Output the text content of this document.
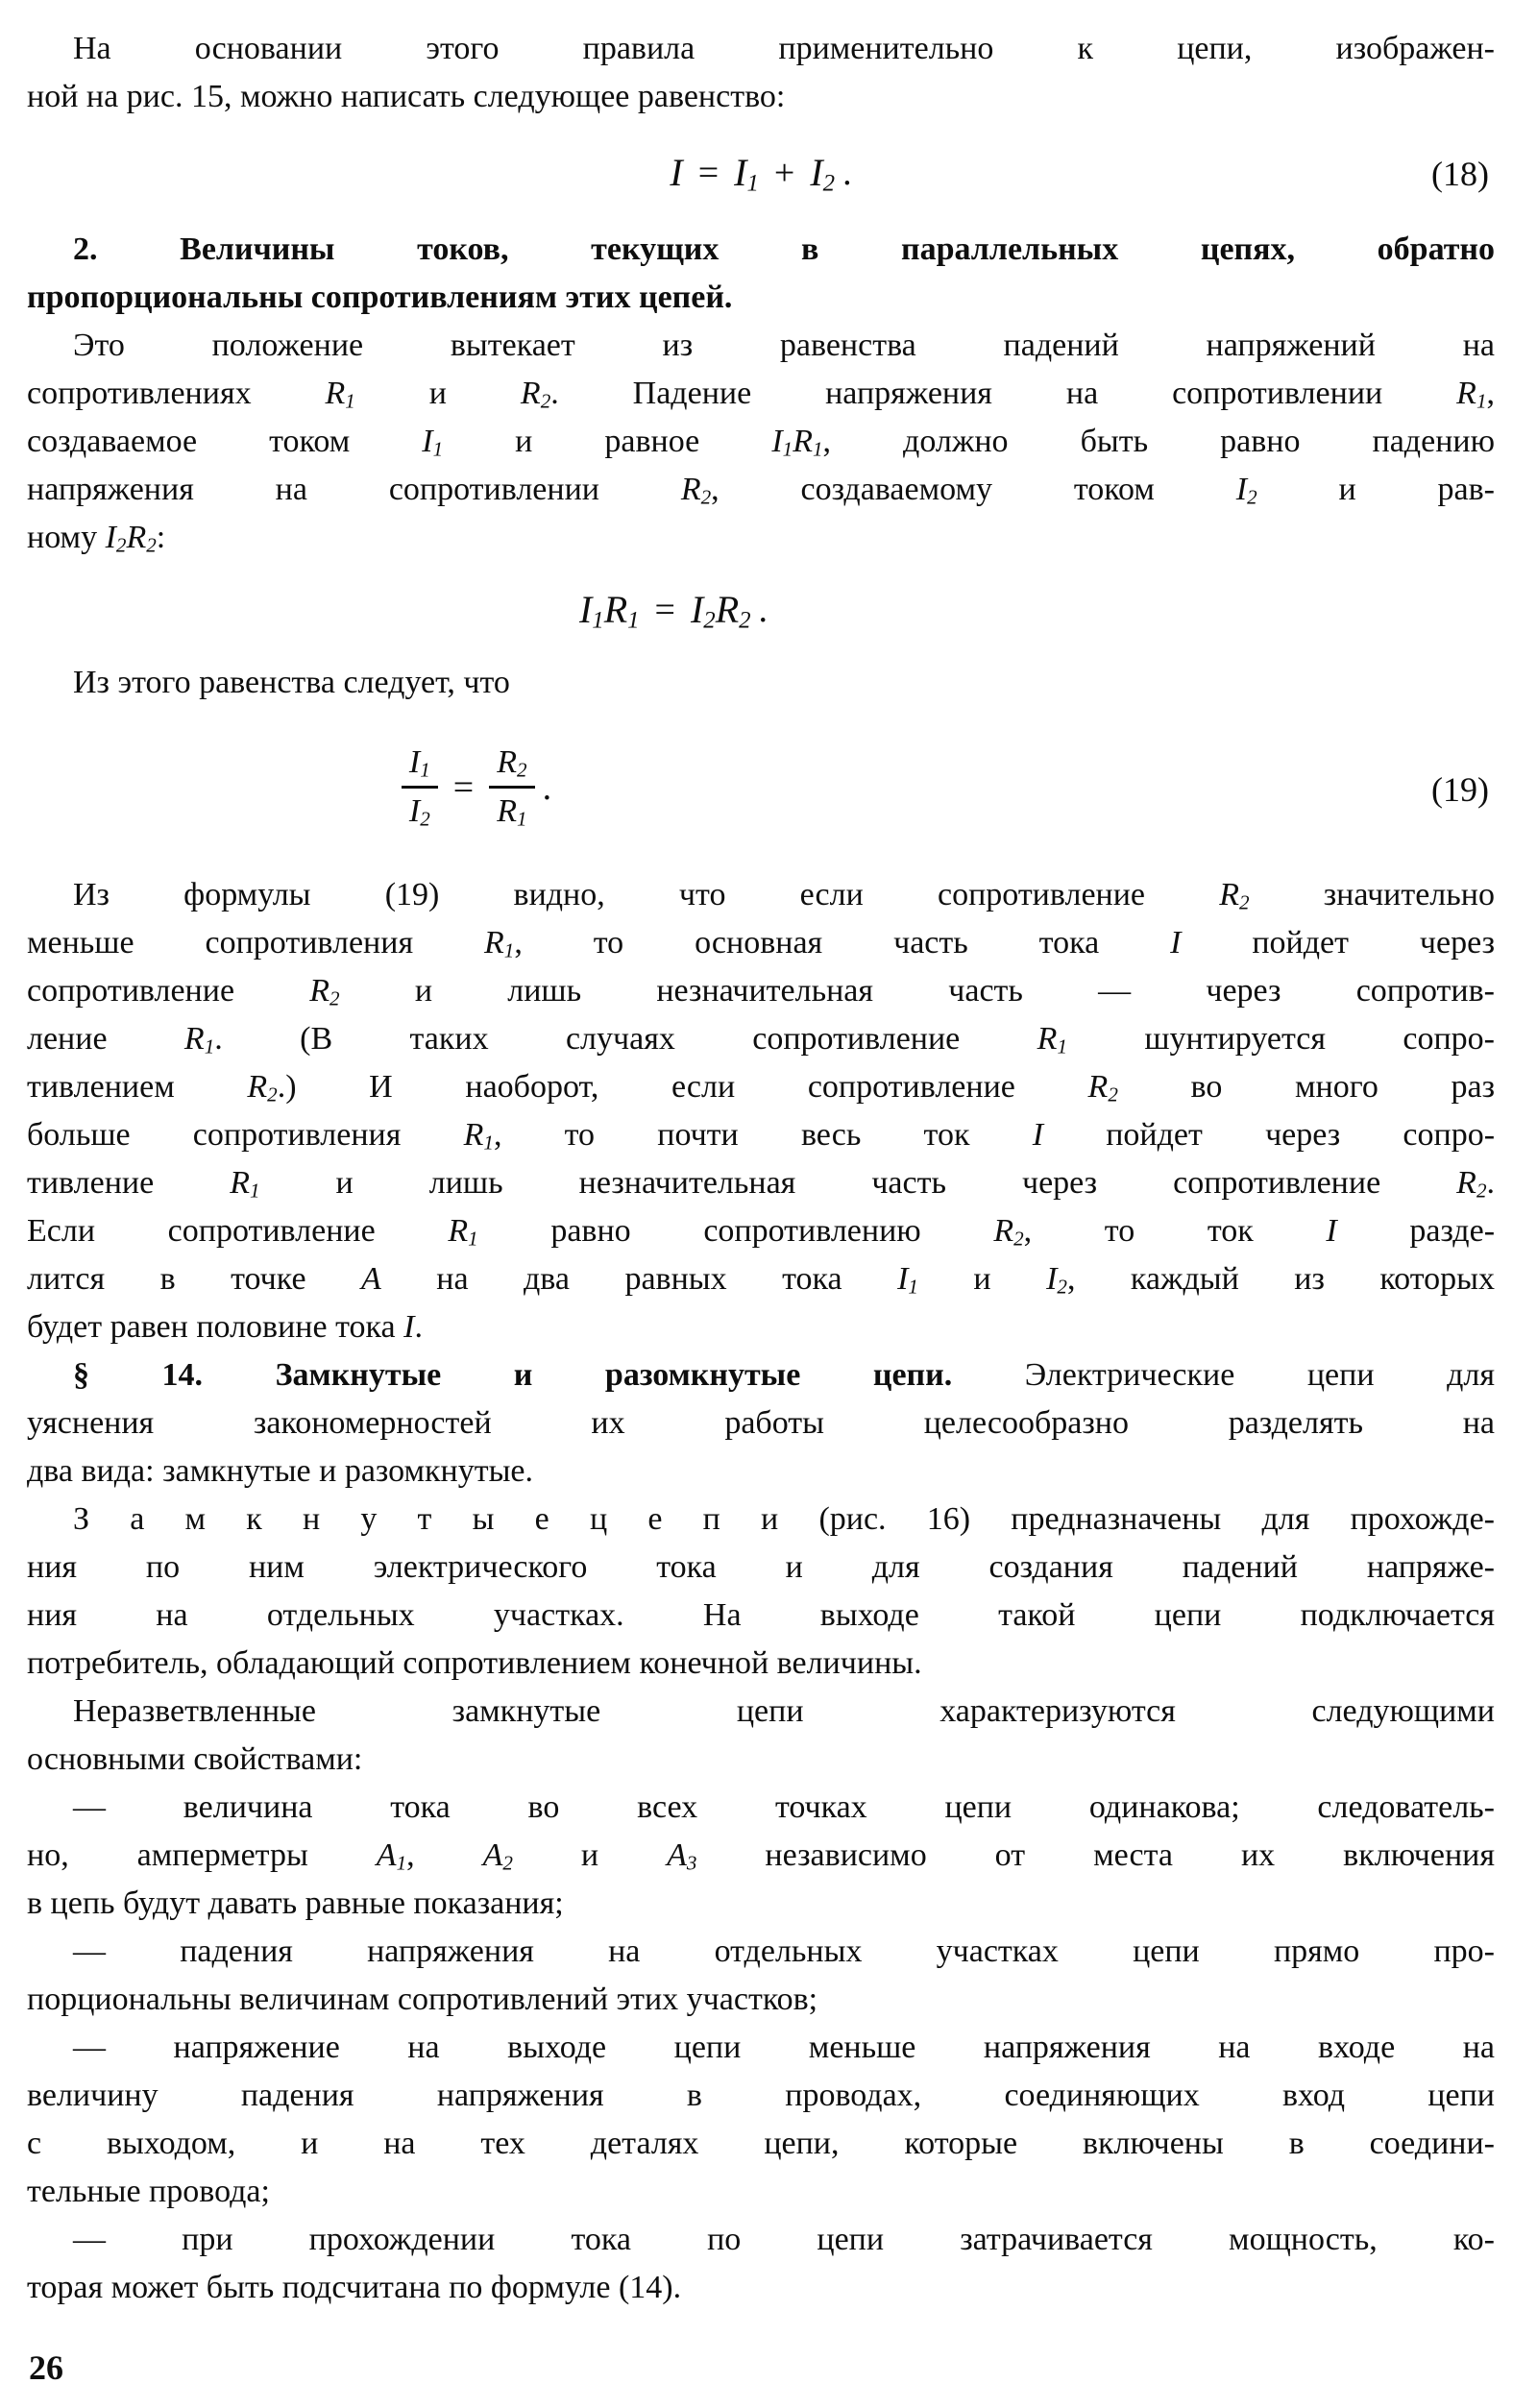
На основании этого правила применительно к цепи, изображен-
ной на рис. 15, можно написать следующее равенство:
$I = I_1 + I_2$ .	(18)
2. Величины токов, текущих в параллельных цепях, обратно
пропорциональны сопротивлениям этих цепей.
Это положение вытекает из равенства падений напряжений на
сопротивлениях $R_1$ и $R_2$. Падение напряжения на сопротивлении $R_1$,
создаваемое током $I_1$ и равное $I_1R_1$, должно быть равно падению
напряжения на сопротивлении $R_2$, создаваемому током $I_2$ и рав-
ному $I_2R_2$:
$I_1R_1 = I_2R_2$ .
Из этого равенства следует, что
$\frac{I_1}{I_2} = \frac{R_2}{R_1}$ .	(19)
Из формулы (19) видно, что если сопротивление $R_2$ значительно
меньше сопротивления $R_1$, то основная часть тока I пойдет через
сопротивление $R_2$ и лишь незначительная часть — через сопротив-
ление $R_1$. (В таких случаях сопротивление $R_1$ шунтируется сопро-
тивлением $R_2$.) И наоборот, если сопротивление $R_2$ во много раз
больше сопротивления $R_1$, то почти весь ток I пойдет через сопро-
тивление $R_1$ и лишь незначительная часть через сопротивление $R_2$.
Если сопротивление $R_1$ равно сопротивлению $R_2$, то ток I разде-
лится в точке A на два равных тока $I_1$ и $I_2$, каждый из которых
будет равен половине тока I.
§ 14. Замкнутые и разомкнутые цепи. Электрические цепи для
уяснения закономерностей их работы целесообразно разделять на
два вида: замкнутые и разомкнутые.
З а м к н у т ы е ц е п и (рис. 16) предназначены для прохожде-
ния по ним электрического тока и для создания падений напряже-
ния на отдельных участках. На выходе такой цепи подключается
потребитель, обладающий сопротивлением конечной величины.
Неразветвленные замкнутые цепи характеризуются следующими
основными свойствами:
— величина тока во всех точках цепи одинакова; следователь-
но, амперметры $A_1$, $A_2$ и $A_3$ независимо от места их включения
в цепь будут давать равные показания;
— падения напряжения на отдельных участках цепи прямо про-
порциональны величинам сопротивлений этих участков;
— напряжение на выходе цепи меньше напряжения на входе на
величину падения напряжения в проводах, соединяющих вход цепи
с выходом, и на тех деталях цепи, которые включены в соедини-
тельные провода;
— при прохождении тока по цепи затрачивается мощность, ко-
торая может быть подсчитана по формуле (14).
26
